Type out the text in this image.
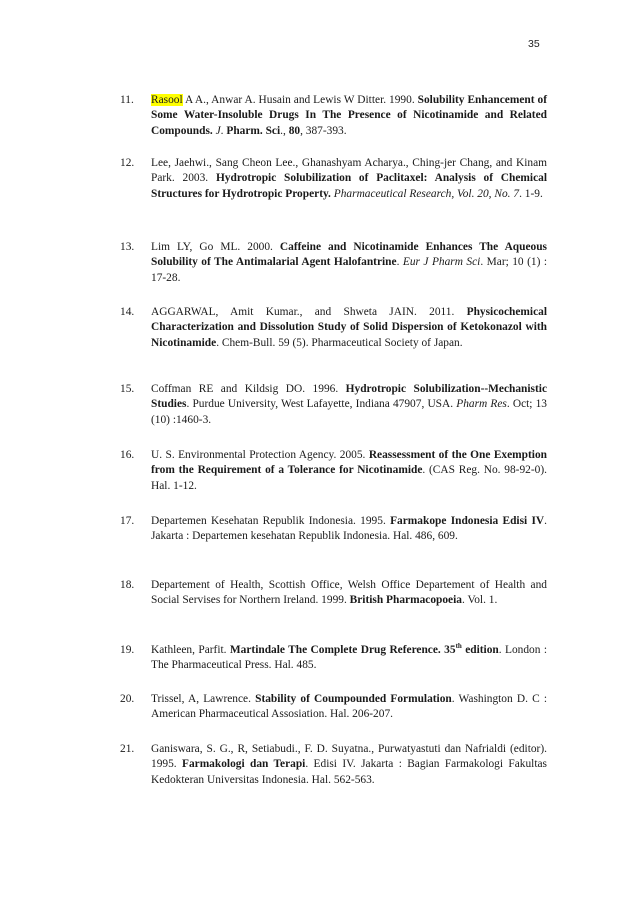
35
11. Rasool A A., Anwar A. Husain and Lewis W Ditter. 1990. Solubility Enhancement of Some Water-Insoluble Drugs In The Presence of Nicotinamide and Related Compounds. J. Pharm. Sci., 80, 387-393.
12. Lee, Jaehwi., Sang Cheon Lee., Ghanashyam Acharya., Ching-jer Chang, and Kinam Park. 2003. Hydrotropic Solubilization of Paclitaxel: Analysis of Chemical Structures for Hydrotropic Property. Pharmaceutical Research, Vol. 20, No. 7. 1-9.
13. Lim LY, Go ML. 2000. Caffeine and Nicotinamide Enhances The Aqueous Solubility of The Antimalarial Agent Halofantrine. Eur J Pharm Sci. Mar; 10 (1) : 17-28.
14. AGGARWAL, Amit Kumar., and Shweta JAIN. 2011. Physicochemical Characterization and Dissolution Study of Solid Dispersion of Ketokonazol with Nicotinamide. Chem-Bull. 59 (5). Pharmaceutical Society of Japan.
15. Coffman RE and Kildsig DO. 1996. Hydrotropic Solubilization--Mechanistic Studies. Purdue University, West Lafayette, Indiana 47907, USA. Pharm Res. Oct; 13 (10) :1460-3.
16. U. S. Environmental Protection Agency. 2005. Reassessment of the One Exemption from the Requirement of a Tolerance for Nicotinamide. (CAS Reg. No. 98-92-0). Hal. 1-12.
17. Departemen Kesehatan Republik Indonesia. 1995. Farmakope Indonesia Edisi IV. Jakarta : Departemen kesehatan Republik Indonesia. Hal. 486, 609.
18. Departement of Health, Scottish Office, Welsh Office Departement of Health and Social Servises for Northern Ireland. 1999. British Pharmacopoeia. Vol. 1.
19. Kathleen, Parfit. Martindale The Complete Drug Reference. 35th edition. London : The Pharmaceutical Press. Hal. 485.
20. Trissel, A, Lawrence. Stability of Coumpounded Formulation. Washington D. C : American Pharmaceutical Assosiation. Hal. 206-207.
21. Ganiswara, S. G., R, Setiabudi., F. D. Suyatna., Purwatyastuti dan Nafrialdi (editor). 1995. Farmakologi dan Terapi. Edisi IV. Jakarta : Bagian Farmakologi Fakultas Kedokteran Universitas Indonesia. Hal. 562-563.
